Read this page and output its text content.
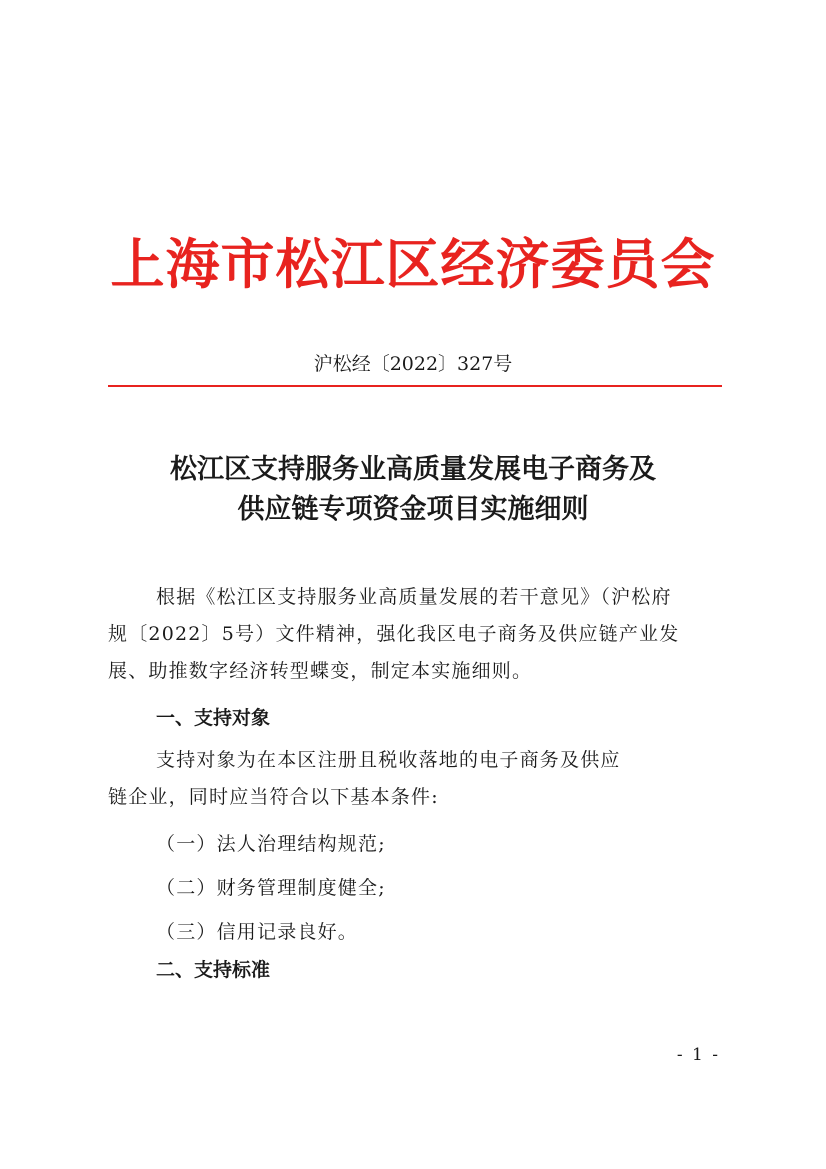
上海市松江区经济委员会
沪松经〔2022〕327号
松江区支持服务业高质量发展电子商务及
供应链专项资金项目实施细则
根据《松江区支持服务业高质量发展的若干意见》（沪松府
规〔2022〕5号）文件精神，强化我区电子商务及供应链产业发
展、助推数字经济转型蝶变，制定本实施细则。
一、支持对象
支持对象为在本区注册且税收落地的电子商务及供应
链企业，同时应当符合以下基本条件:
（一）法人治理结构规范;
（二）财务管理制度健全;
（三）信用记录良好。
二、支持标准
- 1 -
